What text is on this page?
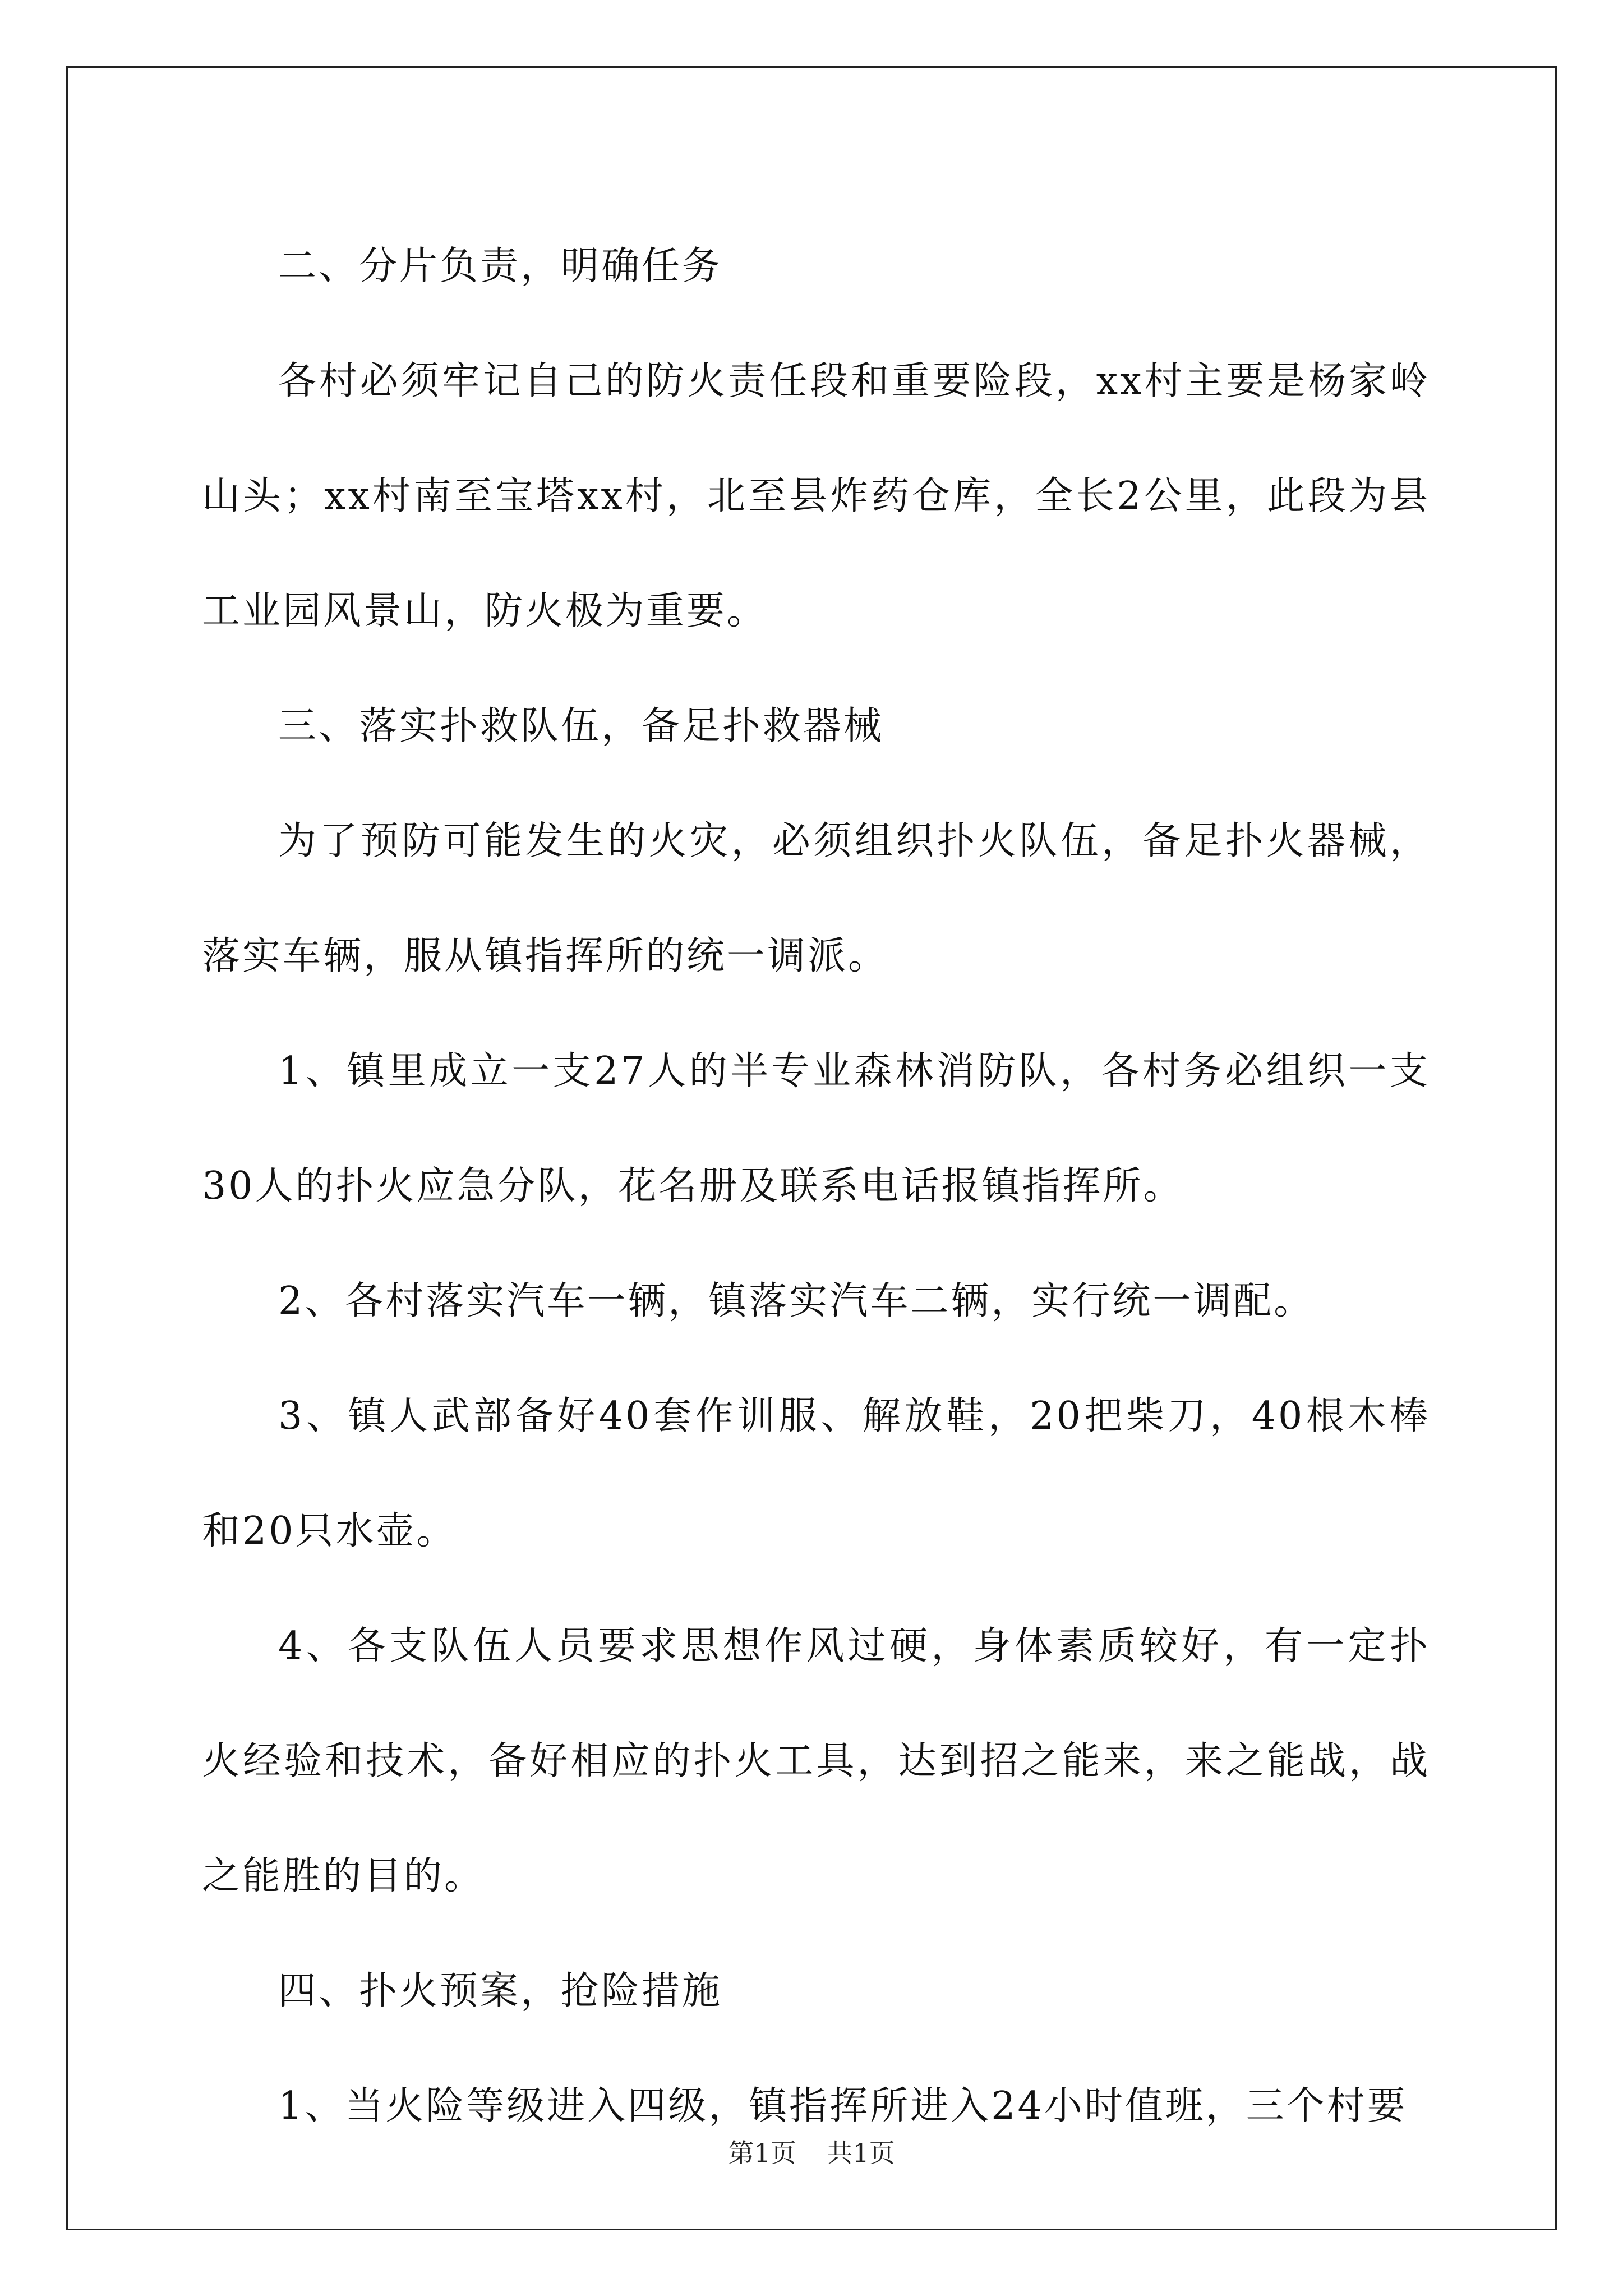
二、分片负责，明确任务

各村必须牢记自己的防火责任段和重要险段，xx村主要是杨家岭山头；xx村南至宝塔xx村，北至县炸药仓库，全长2公里，此段为县工业园风景山，防火极为重要。

三、落实扑救队伍，备足扑救器械

为了预防可能发生的火灾，必须组织扑火队伍，备足扑火器械，落实车辆，服从镇指挥所的统一调派。

1、镇里成立一支27人的半专业森林消防队，各村务必组织一支30人的扑火应急分队，花名册及联系电话报镇指挥所。

2、各村落实汽车一辆，镇落实汽车二辆，实行统一调配。

3、镇人武部备好40套作训服、解放鞋，20把柴刀，40根木棒和20只水壶。

4、各支队伍人员要求思想作风过硬，身体素质较好，有一定扑火经验和技术，备好相应的扑火工具，达到招之能来，来之能战，战之能胜的目的。

四、扑火预案，抢险措施

1、当火险等级进入四级，镇指挥所进入24小时值班，三个村要

第1页 共1页
